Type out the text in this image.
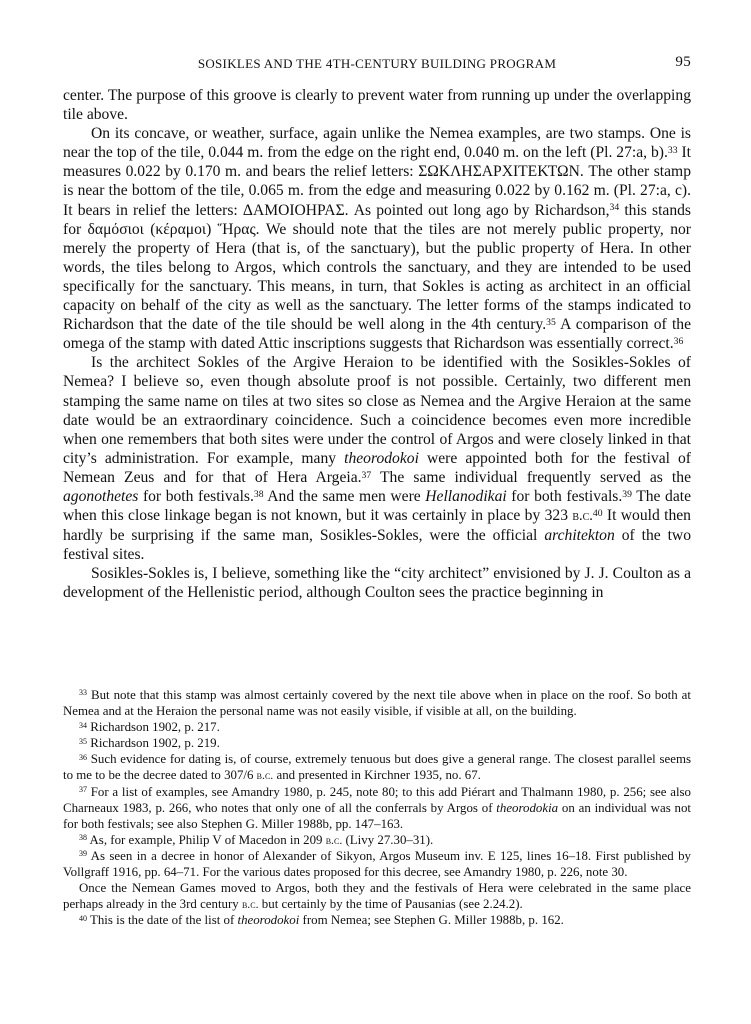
SOSIKLES AND THE 4TH-CENTURY BUILDING PROGRAM	95

center. The purpose of this groove is clearly to prevent water from running up under the overlapping tile above.

On its concave, or weather, surface, again unlike the Nemea examples, are two stamps. One is near the top of the tile, 0.044 m. from the edge on the right end, 0.040 m. on the left (Pl. 27:a, b).$^{33}$ It measures 0.022 by 0.170 m. and bears the relief letters: ΣΩΚΛΗΣΑΡΧΙΤΕΚΤΩΝ. The other stamp is near the bottom of the tile, 0.065 m. from the edge and measuring 0.022 by 0.162 m. (Pl. 27:a, c). It bears in relief the letters: ΔΑΜΟΙΟΗΡΑΣ. As pointed out long ago by Richardson,$^{34}$ this stands for δαμόσιοι (κέραμοι) Ἥρας. We should note that the tiles are not merely public property, nor merely the property of Hera (that is, of the sanctuary), but the public property of Hera. In other words, the tiles belong to Argos, which controls the sanctuary, and they are intended to be used specifically for the sanctuary. This means, in turn, that Sokles is acting as architect in an official capacity on behalf of the city as well as the sanctuary. The letter forms of the stamps indicated to Richardson that the date of the tile should be well along in the 4th century.$^{35}$ A comparison of the omega of the stamp with dated Attic inscriptions suggests that Richardson was essentially correct.$^{36}$

Is the architect Sokles of the Argive Heraion to be identified with the Sosikles-Sokles of Nemea? I believe so, even though absolute proof is not possible. Certainly, two different men stamping the same name on tiles at two sites so close as Nemea and the Argive Heraion at the same date would be an extraordinary coincidence. Such a coincidence becomes even more incredible when one remembers that both sites were under the control of Argos and were closely linked in that city’s administration. For example, many theorodokoi were appointed both for the festival of Nemean Zeus and for that of Hera Argeia.$^{37}$ The same individual frequently served as the agonothetes for both festivals.$^{38}$ And the same men were Hellanodikai for both festivals.$^{39}$ The date when this close linkage began is not known, but it was certainly in place by 323 b.c.$^{40}$ It would then hardly be surprising if the same man, Sosikles-Sokles, were the official architekton of the two festival sites.

Sosikles-Sokles is, I believe, something like the “city architect” envisioned by J. J. Coulton as a development of the Hellenistic period, although Coulton sees the practice beginning in

$^{33}$ But note that this stamp was almost certainly covered by the next tile above when in place on the roof. So both at Nemea and at the Heraion the personal name was not easily visible, if visible at all, on the building.

$^{34}$ Richardson 1902, p. 217.

$^{35}$ Richardson 1902, p. 219.

$^{36}$ Such evidence for dating is, of course, extremely tenuous but does give a general range. The closest parallel seems to me to be the decree dated to 307/6 b.c. and presented in Kirchner 1935, no. 67.

$^{37}$ For a list of examples, see Amandry 1980, p. 245, note 80; to this add Piérart and Thalmann 1980, p. 256; see also Charneaux 1983, p. 266, who notes that only one of all the conferrals by Argos of theorodokia on an individual was not for both festivals; see also Stephen G. Miller 1988b, pp. 147–163.

$^{38}$ As, for example, Philip V of Macedon in 209 b.c. (Livy 27.30–31).

$^{39}$ As seen in a decree in honor of Alexander of Sikyon, Argos Museum inv. E 125, lines 16–18. First published by Vollgraff 1916, pp. 64–71. For the various dates proposed for this decree, see Amandry 1980, p. 226, note 30.

Once the Nemean Games moved to Argos, both they and the festivals of Hera were celebrated in the same place perhaps already in the 3rd century b.c. but certainly by the time of Pausanias (see 2.24.2).

$^{40}$ This is the date of the list of theorodokoi from Nemea; see Stephen G. Miller 1988b, p. 162.
